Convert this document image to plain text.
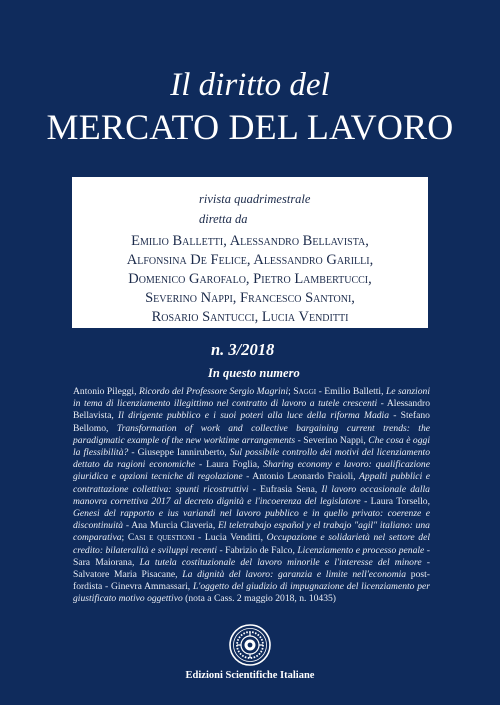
Il diritto del
MERCATO DEL LAVORO
rivista quadrimestrale
diretta da
Emilio Balletti, Alessandro Bellavista,
Alfonsina De Felice, Alessandro Garilli,
Domenico Garofalo, Pietro Lambertucci,
Severino Nappi, Francesco Santoni,
Rosario Santucci, Lucia Venditti
n. 3/2018
In questo numero
Antonio Pileggi, Ricordo del Professore Sergio Magrini; Saggi - Emilio Balletti, Le sanzioni in tema di licenziamento illegittimo nel contratto di lavoro a tutele crescenti - Alessandro Bellavista, Il dirigente pubblico e i suoi poteri alla luce della riforma Madia - Stefano Bellomo, Transformation of work and collective bargaining current trends: the paradigmatic example of the new worktime arrangements - Severino Nappi, Che cosa è oggi la flessibilità? - Giuseppe Ianniruberto, Sul possibile controllo dei motivi del licenziamento dettato da ragioni economiche - Laura Foglia, Sharing economy e lavoro: qualificazione giuridica e opzioni tecniche di regolazione - Antonio Leonardo Fraioli, Appalti pubblici e contrattazione collettiva: spunti ricostruttivi - Eufrasia Sena, Il lavoro occasionale dalla manovra correttiva 2017 al decreto dignità e l'incoerenza del legislatore - Laura Torsello, Genesi del rapporto e ius variandi nel lavoro pubblico e in quello privato: coerenze e discontinuità - Ana Murcia Claveria, El teletrabajo español y el trabajo "agil" italiano: una comparativa; Casi e questioni - Lucia Venditti, Occupazione e solidarietà nel settore del credito: bilateralità e sviluppi recenti - Fabrizio de Falco, Licenziamento e processo penale - Sara Maiorana, La tutela costituzionale del lavoro minorile e l'interesse del minore - Salvatore Maria Pisacane, La dignità del lavoro: garanzia e limite nell'economia post-fordista - Ginevra Ammassari, L'oggetto del giudizio di impugnazione del licenziamento per giustificato motivo oggettivo (nota a Cass. 2 maggio 2018, n. 10435)
Edizioni Scientifiche Italiane
